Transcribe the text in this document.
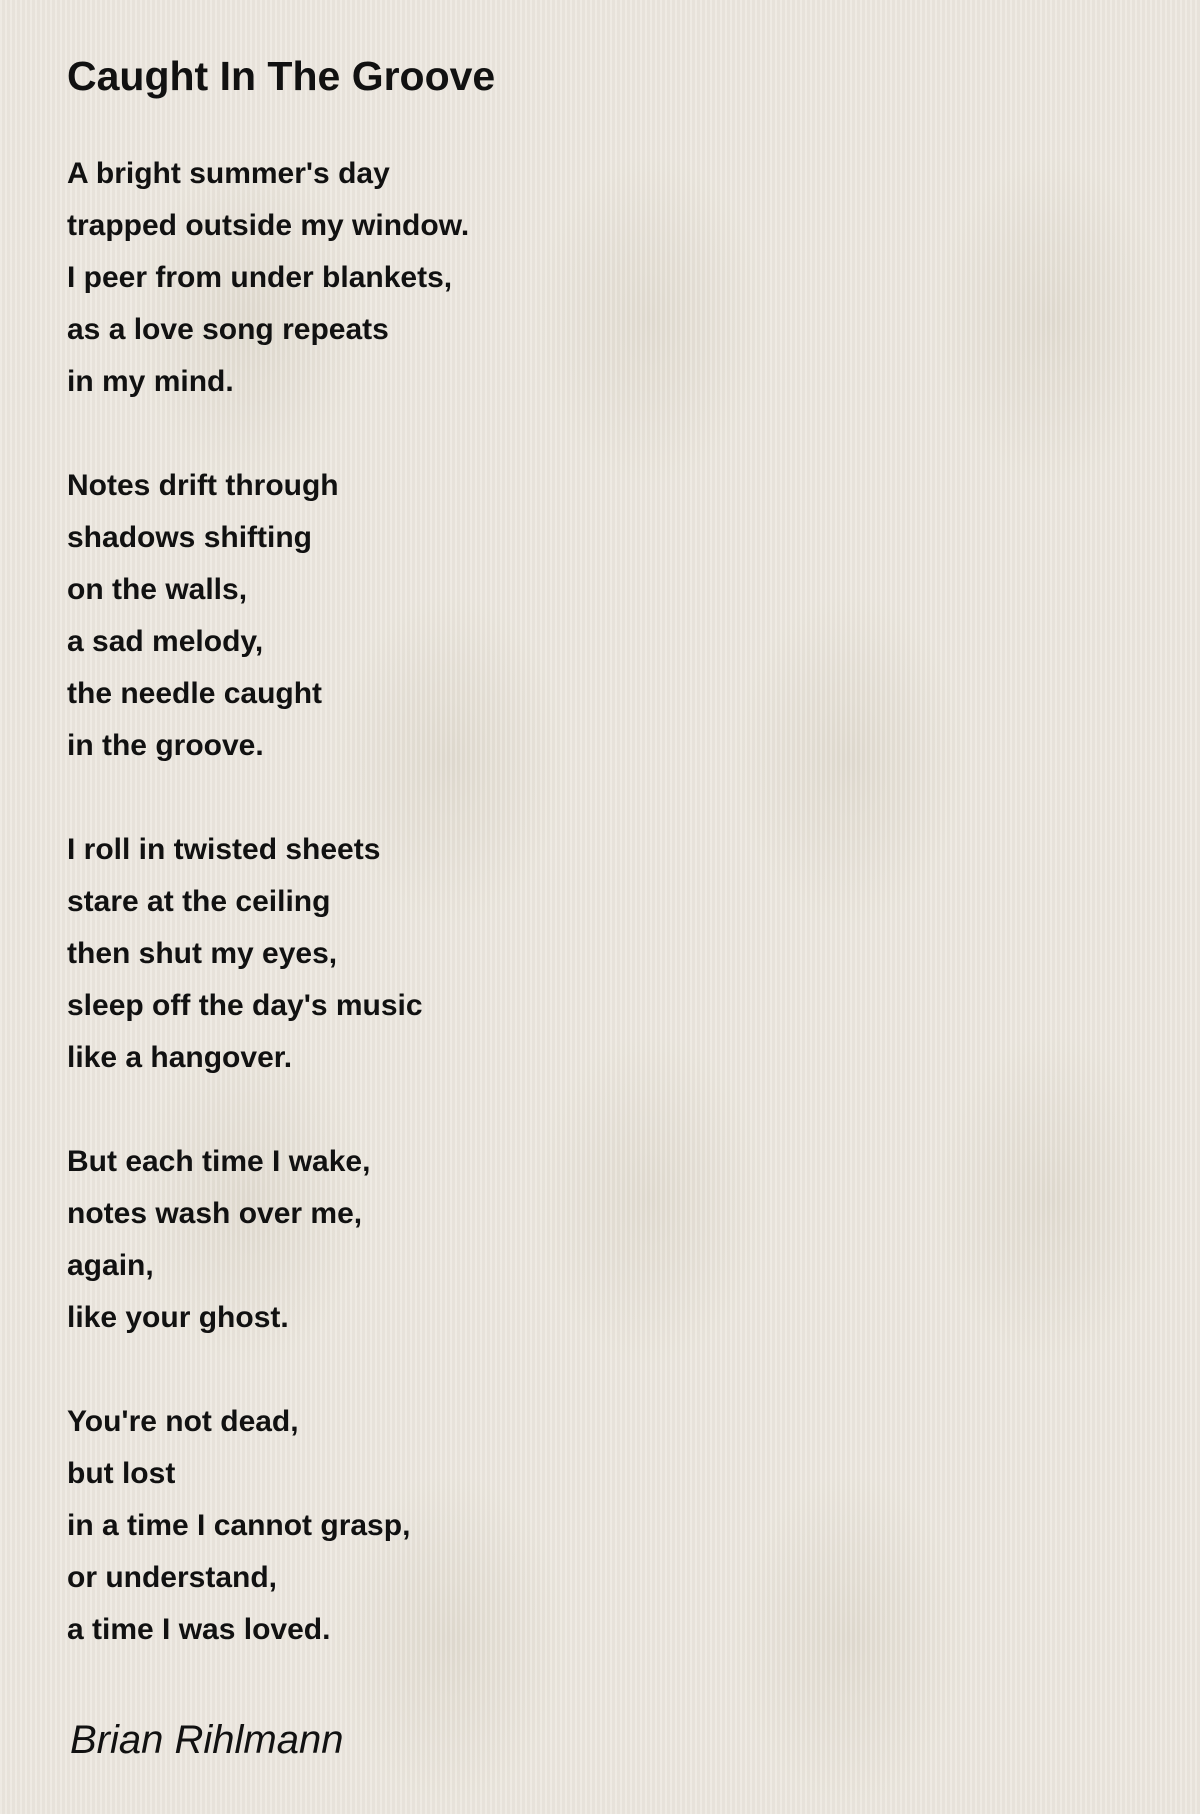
Caught In The Groove
A bright summer's day
trapped outside my window.
I peer from under blankets,
as a love song repeats
in my mind.
Notes drift through
shadows shifting
on the walls,
a sad melody,
the needle caught
in the groove.
I roll in twisted sheets
stare at the ceiling
then shut my eyes,
sleep off the day's music
like a hangover.
But each time I wake,
notes wash over me,
again,
like your ghost.
You're not dead,
but lost
in a time I cannot grasp,
or understand,
a time I was loved.

Brian Rihlmann
